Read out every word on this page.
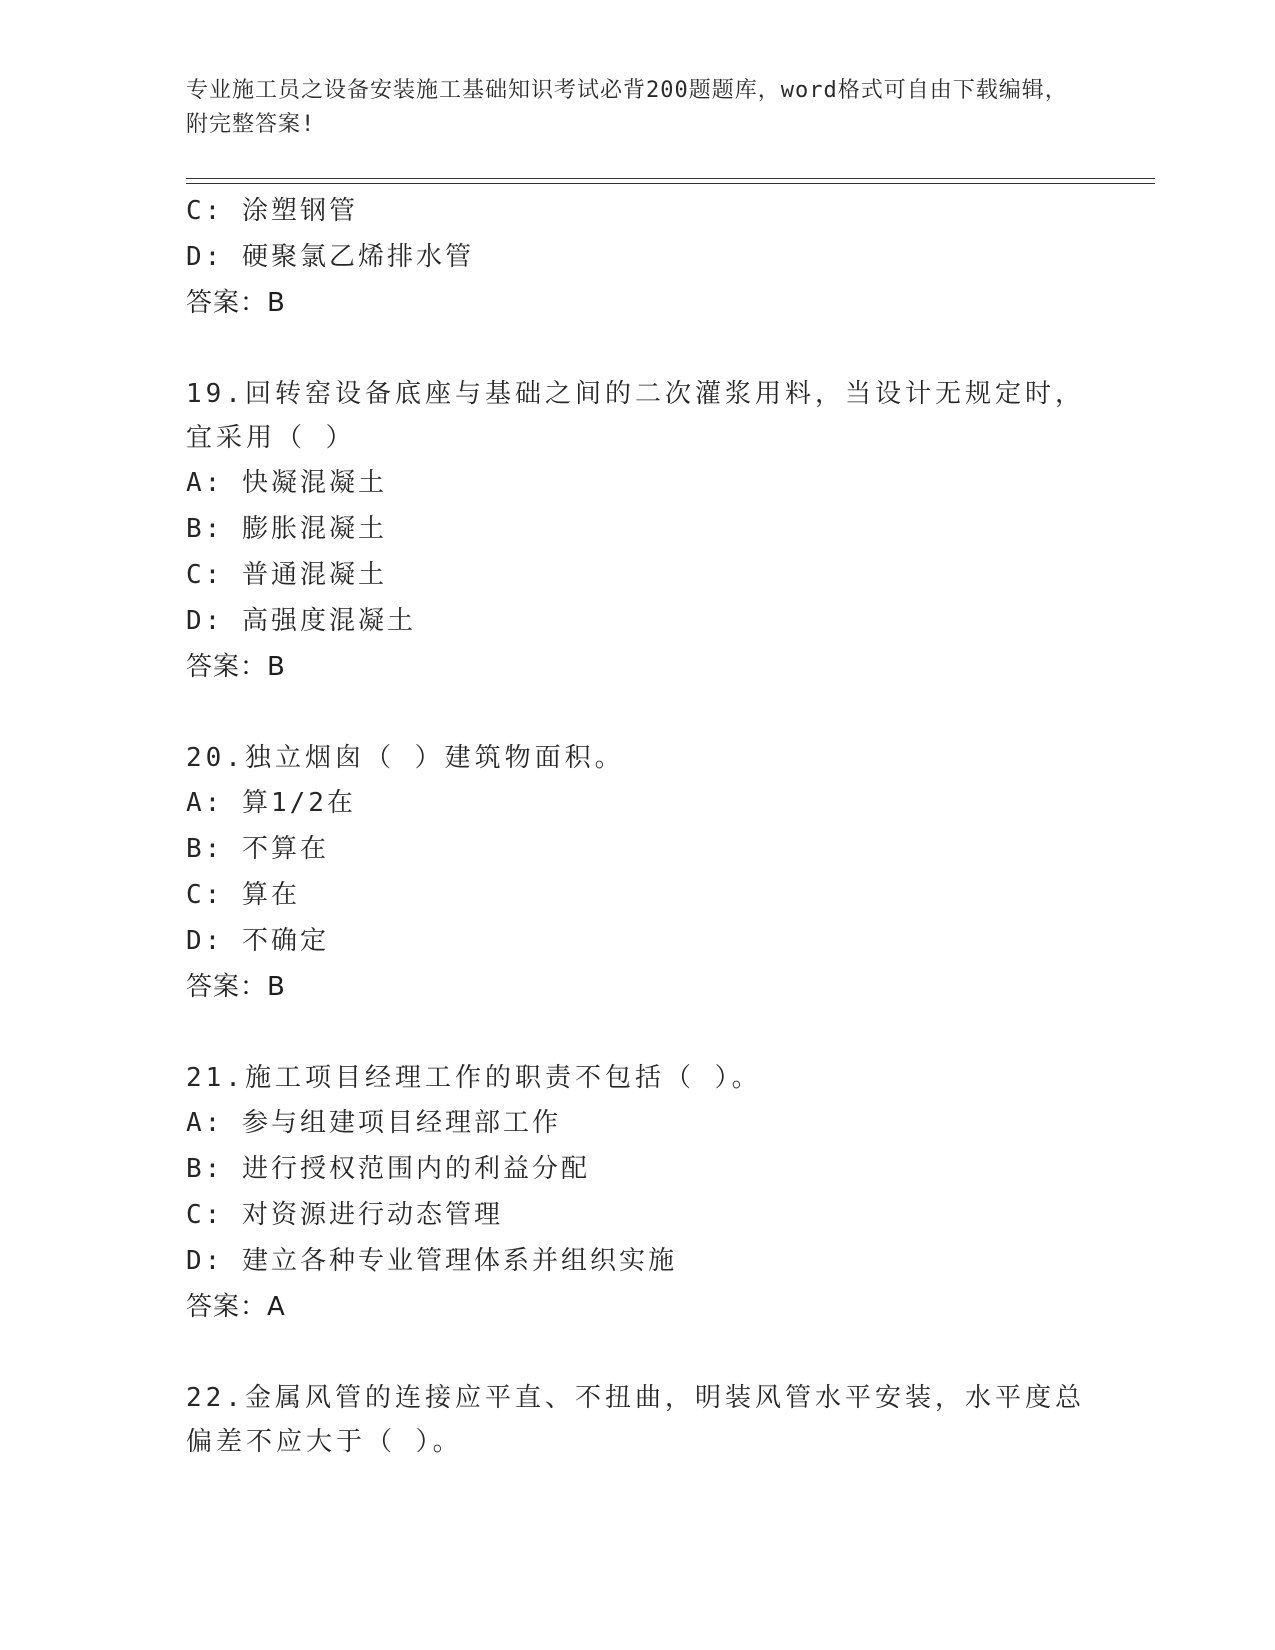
专业施工员之设备安装施工基础知识考试必背200题题库，word格式可自由下载编辑，附完整答案!
C: 涂塑钢管
D: 硬聚氯乙烯排水管
答案：B
19.回转窑设备底座与基础之间的二次灌浆用料，当设计无规定时，宜采用（ ）
A: 快凝混凝土
B: 膨胀混凝土
C: 普通混凝土
D: 高强度混凝土
答案：B
20.独立烟囱（ ）建筑物面积。
A: 算1/2在
B: 不算在
C: 算在
D: 不确定
答案：B
21.施工项目经理工作的职责不包括（ ）。
A: 参与组建项目经理部工作
B: 进行授权范围内的利益分配
C: 对资源进行动态管理
D: 建立各种专业管理体系并组织实施
答案：A
22.金属风管的连接应平直、不扭曲，明装风管水平安装，水平度总偏差不应大于（ ）。
